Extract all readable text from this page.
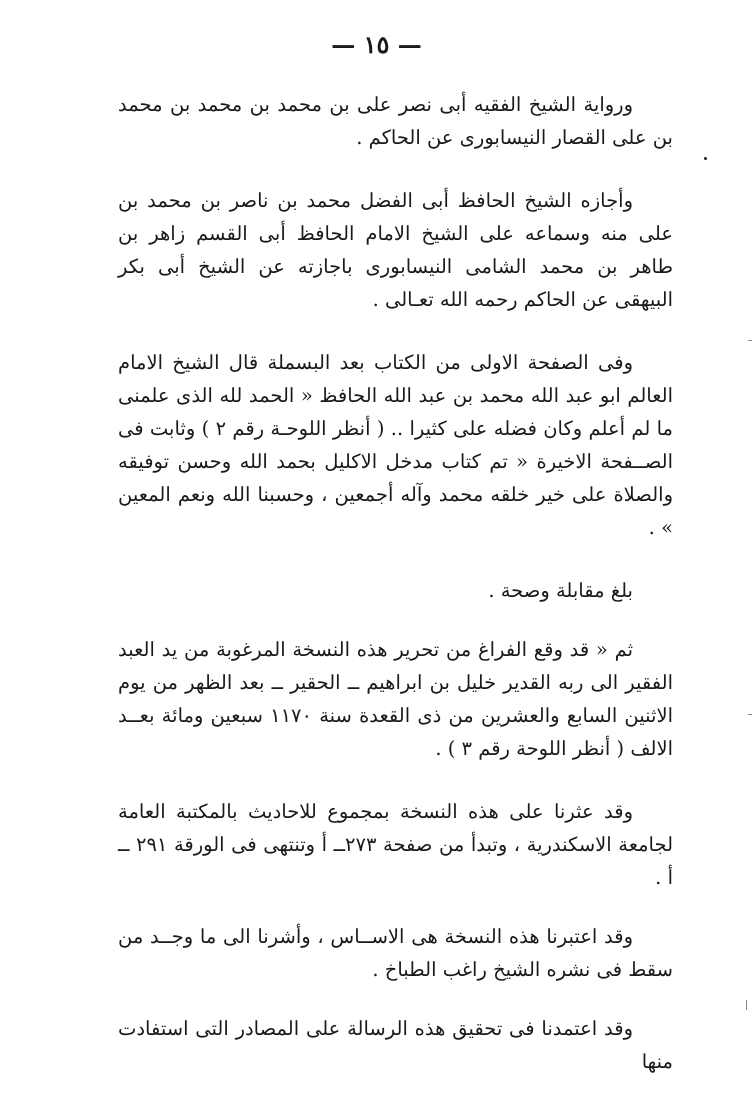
— ١٥ —

ورواية الشيخ الفقيه أبى نصر على بن محمد بن محمد بن محمد بن على القصار النيسابورى عن الحاكم .

وأجازه الشيخ الحافظ أبى الفضل محمد بن ناصر بن محمد بن على منه وسماعه على الشيخ الامام الحافظ أبى القسم زاهر بن طاهر بن محمد الشامى النيسابورى باجازته عن الشيخ أبى بكر البيهقى عن الحاكم رحمه الله تعـالى .

وفى الصفحة الاولى من الكتاب بعد البسملة قال الشيخ الامام العالم ابو عبد الله محمد بن عبد الله الحافظ « الحمد لله الذى علمنى ما لم أعلم وكان فضله على كثيرا .. ( أنظر اللوحـة رقم ٢ ) وثابت فى الصــفحة الاخيرة « تم كتاب مدخل الاكليل بحمد الله وحسن توفيقه والصلاة على خير خلقه محمد وآله أجمعين ، وحسبنا الله ونعم المعين » .

بلغ مقابلة وصحة .

ثم « قد وقع الفراغ من تحرير هذه النسخة المرغوبة من يد العبد الفقير الى ربه القدير خليل بن ابراهيم ــ الحقير ــ بعد الظهر من يوم الاثنين السابع والعشرين من ذى القعدة سنة ١١٧٠ سبعين ومائة بعــد الالف ( أنظر اللوحة رقم ٣ ) .

وقد عثرنا على هذه النسخة بمجموع للاحاديث بالمكتبة العامة لجامعة الاسكندرية ، وتبدأ من صفحة ٢٧٣ــ أ وتنتهى فى الورقة ٢٩١ ــ أ .

وقد اعتبرنا هذه النسخة هى الاســاس ، وأشرنا الى ما وجــد من سقط فى نشره الشيخ راغب الطباخ .

وقد اعتمدنا فى تحقيق هذه الرسالة على المصادر التى استفادت منها
